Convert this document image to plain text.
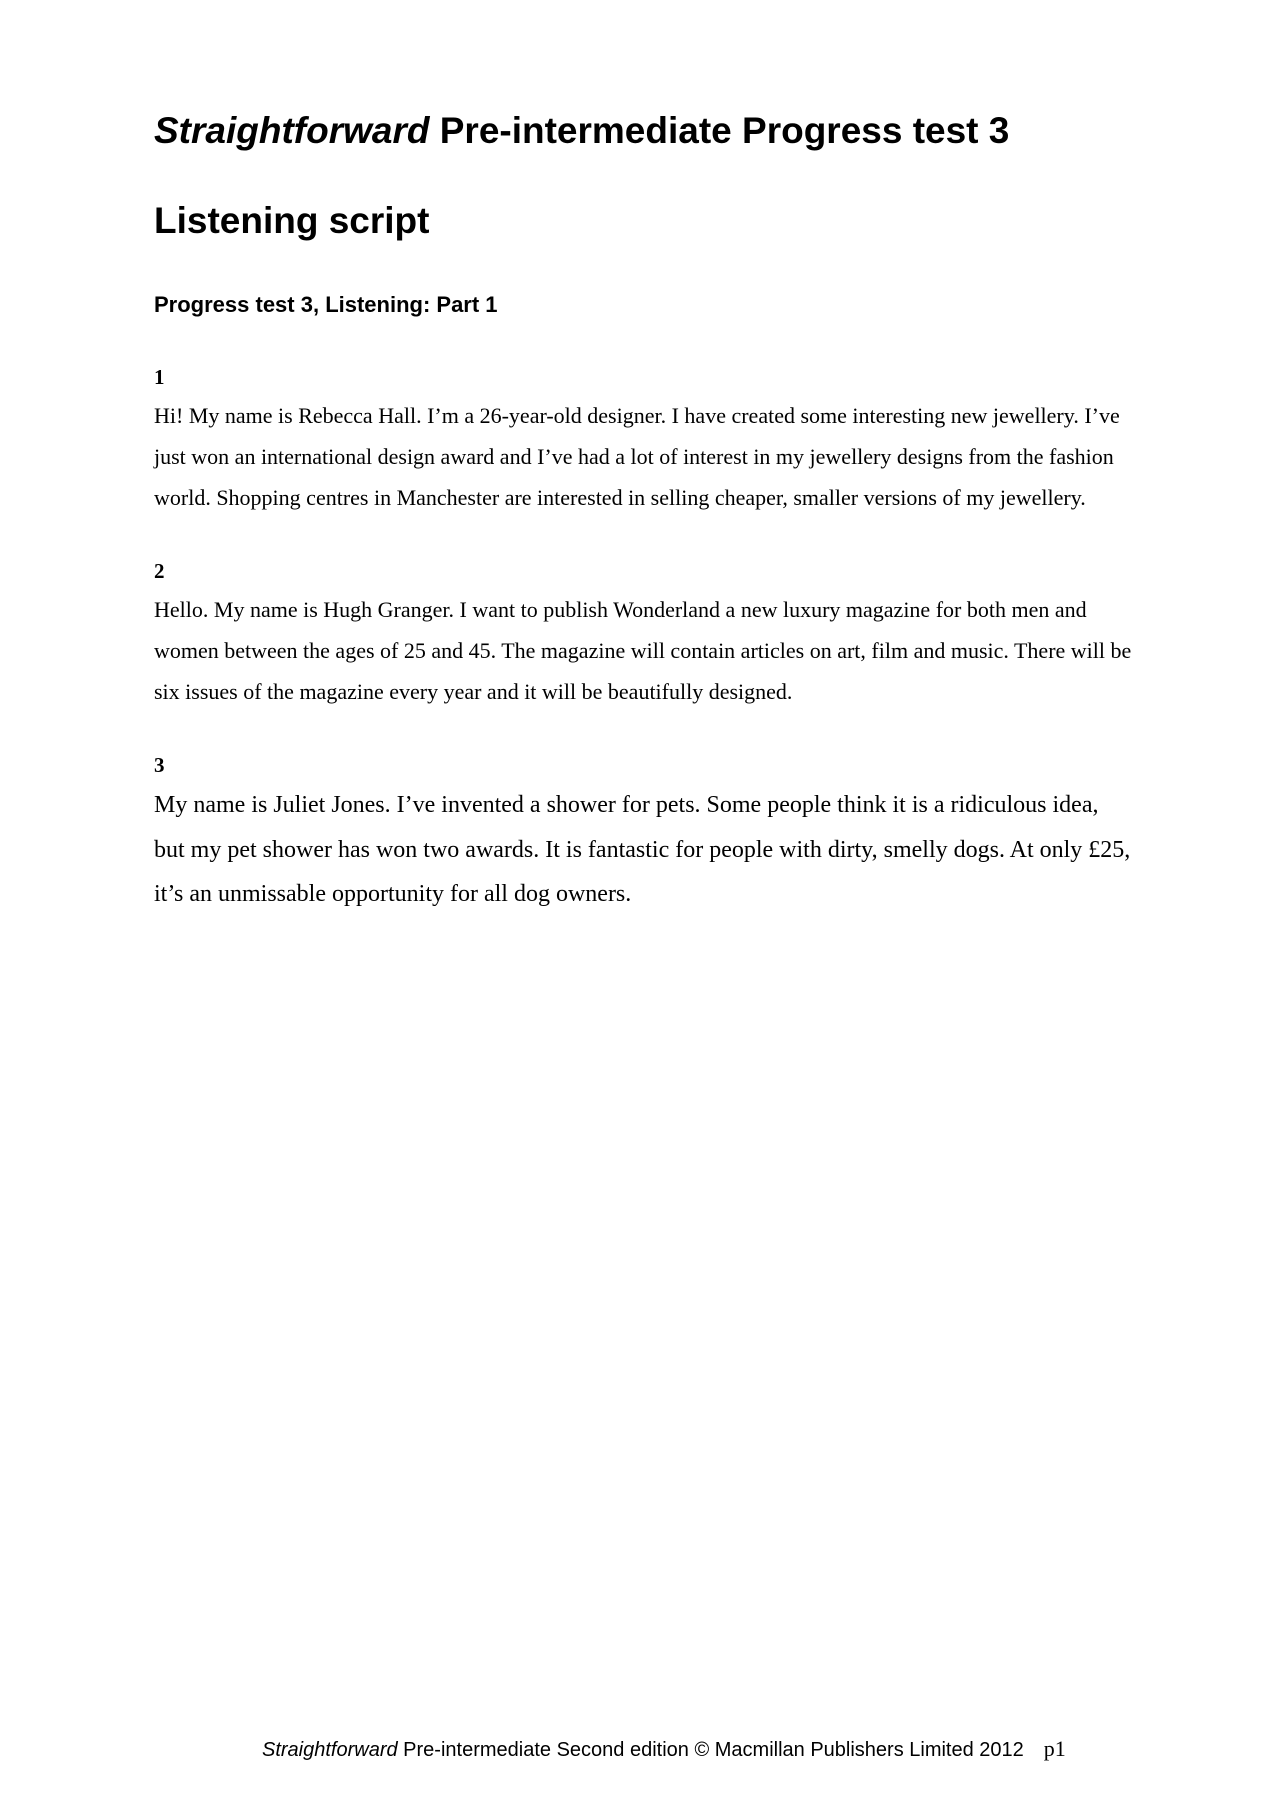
Straightforward Pre-intermediate Progress test 3
Listening script
Progress test 3, Listening: Part 1

1

Hi! My name is Rebecca Hall. I’m a 26-year-old designer. I have created some interesting new jewellery. I’ve just won an international design award and I’ve had a lot of interest in my jewellery designs from the fashion world. Shopping centres in Manchester are interested in selling cheaper, smaller versions of my jewellery.

2

Hello. My name is Hugh Granger. I want to publish Wonderland a new luxury magazine for both men and women between the ages of 25 and 45. The magazine will contain articles on art, film and music. There will be six issues of the magazine every year and it will be beautifully designed.

3

My name is Juliet Jones. I’ve invented a shower for pets. Some people think it is a ridiculous idea, but my pet shower has won two awards. It is fantastic for people with dirty, smelly dogs. At only £25, it’s an unmissable opportunity for all dog owners.

Straightforward Pre-intermediate Second edition © Macmillan Publishers Limited 2012 p1
